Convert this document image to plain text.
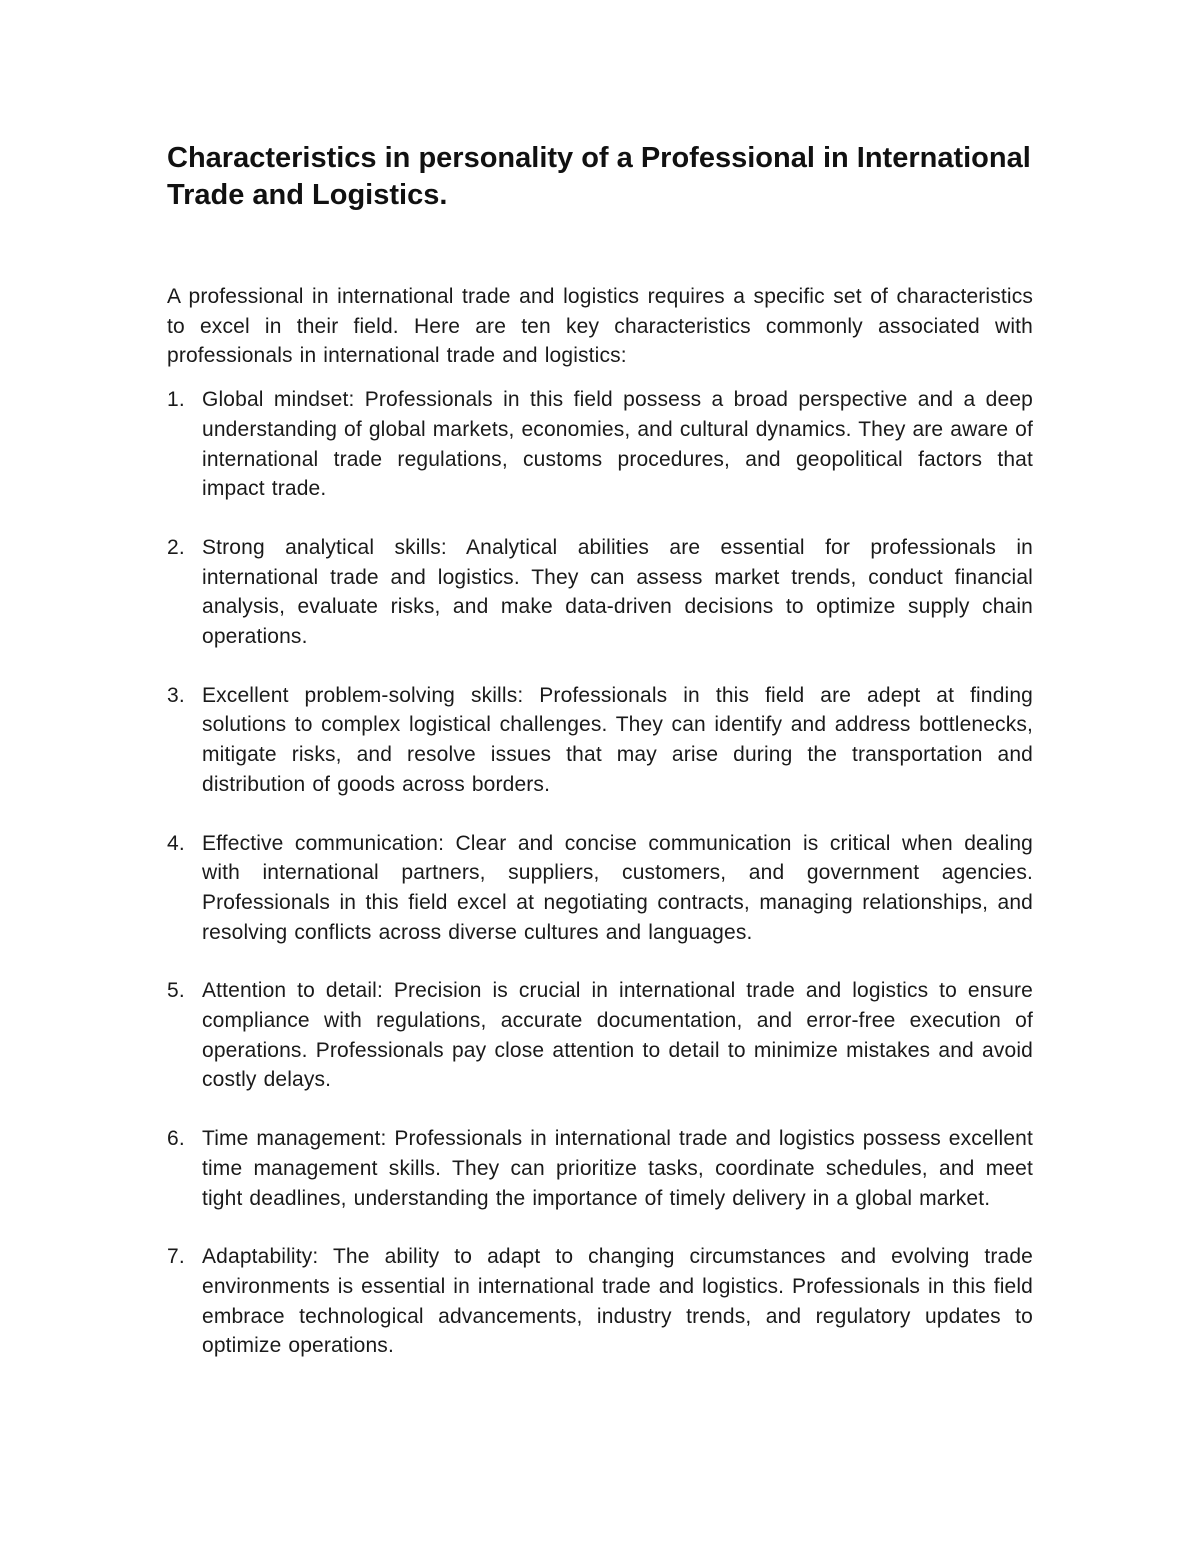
Characteristics in personality of a Professional in International Trade and Logistics.

A professional in international trade and logistics requires a specific set of characteristics to excel in their field. Here are ten key characteristics commonly associated with professionals in international trade and logistics:

1. Global mindset: Professionals in this field possess a broad perspective and a deep understanding of global markets, economies, and cultural dynamics. They are aware of international trade regulations, customs procedures, and geopolitical factors that impact trade.
2. Strong analytical skills: Analytical abilities are essential for professionals in international trade and logistics. They can assess market trends, conduct financial analysis, evaluate risks, and make data-driven decisions to optimize supply chain operations.
3. Excellent problem-solving skills: Professionals in this field are adept at finding solutions to complex logistical challenges. They can identify and address bottlenecks, mitigate risks, and resolve issues that may arise during the transportation and distribution of goods across borders.
4. Effective communication: Clear and concise communication is critical when dealing with international partners, suppliers, customers, and government agencies. Professionals in this field excel at negotiating contracts, managing relationships, and resolving conflicts across diverse cultures and languages.
5. Attention to detail: Precision is crucial in international trade and logistics to ensure compliance with regulations, accurate documentation, and error-free execution of operations. Professionals pay close attention to detail to minimize mistakes and avoid costly delays.
6. Time management: Professionals in international trade and logistics possess excellent time management skills. They can prioritize tasks, coordinate schedules, and meet tight deadlines, understanding the importance of timely delivery in a global market.
7. Adaptability: The ability to adapt to changing circumstances and evolving trade environments is essential in international trade and logistics. Professionals in this field embrace technological advancements, industry trends, and regulatory updates to optimize operations.
